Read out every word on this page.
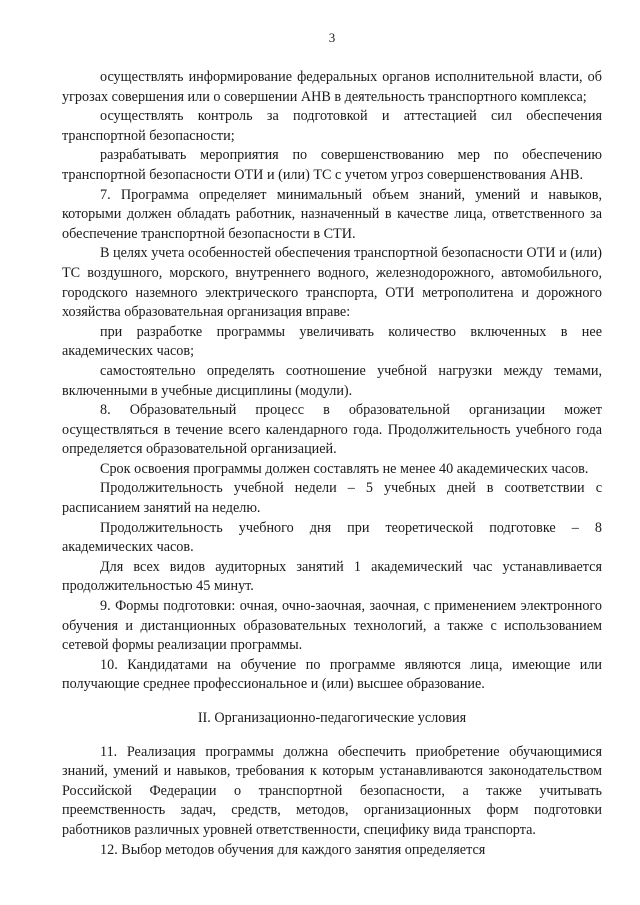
3

осуществлять информирование федеральных органов исполнительной власти, об угрозах совершения или о совершении АНВ в деятельность транспортного комплекса;

осуществлять контроль за подготовкой и аттестацией сил обеспечения транспортной безопасности;

разрабатывать мероприятия по совершенствованию мер по обеспечению транспортной безопасности ОТИ и (или) ТС с учетом угроз совершенствования АНВ.

7. Программа определяет минимальный объем знаний, умений и навыков, которыми должен обладать работник, назначенный в качестве лица, ответственного за обеспечение транспортной безопасности в СТИ.

В целях учета особенностей обеспечения транспортной безопасности ОТИ и (или) ТС воздушного, морского, внутреннего водного, железнодорожного, автомобильного, городского наземного электрического транспорта, ОТИ метрополитена и дорожного хозяйства образовательная организация вправе:

при разработке программы увеличивать количество включенных в нее академических часов;

самостоятельно определять соотношение учебной нагрузки между темами, включенными в учебные дисциплины (модули).

8. Образовательный процесс в образовательной организации может осуществляться в течение всего календарного года. Продолжительность учебного года определяется образовательной организацией.

Срок освоения программы должен составлять не менее 40 академических часов.

Продолжительность учебной недели – 5 учебных дней в соответствии с расписанием занятий на неделю.

Продолжительность учебного дня при теоретической подготовке – 8 академических часов.

Для всех видов аудиторных занятий 1 академический час устанавливается продолжительностью 45 минут.

9. Формы подготовки: очная, очно-заочная, заочная, с применением электронного обучения и дистанционных образовательных технологий, а также с использованием сетевой формы реализации программы.

10. Кандидатами на обучение по программе являются лица, имеющие или получающие среднее профессиональное и (или) высшее образование.

II. Организационно-педагогические условия

11. Реализация программы должна обеспечить приобретение обучающимися знаний, умений и навыков, требования к которым устанавливаются законодательством Российской Федерации о транспортной безопасности, а также учитывать преемственность задач, средств, методов, организационных форм подготовки работников различных уровней ответственности, специфику вида транспорта.

12. Выбор методов обучения для каждого занятия определяется
